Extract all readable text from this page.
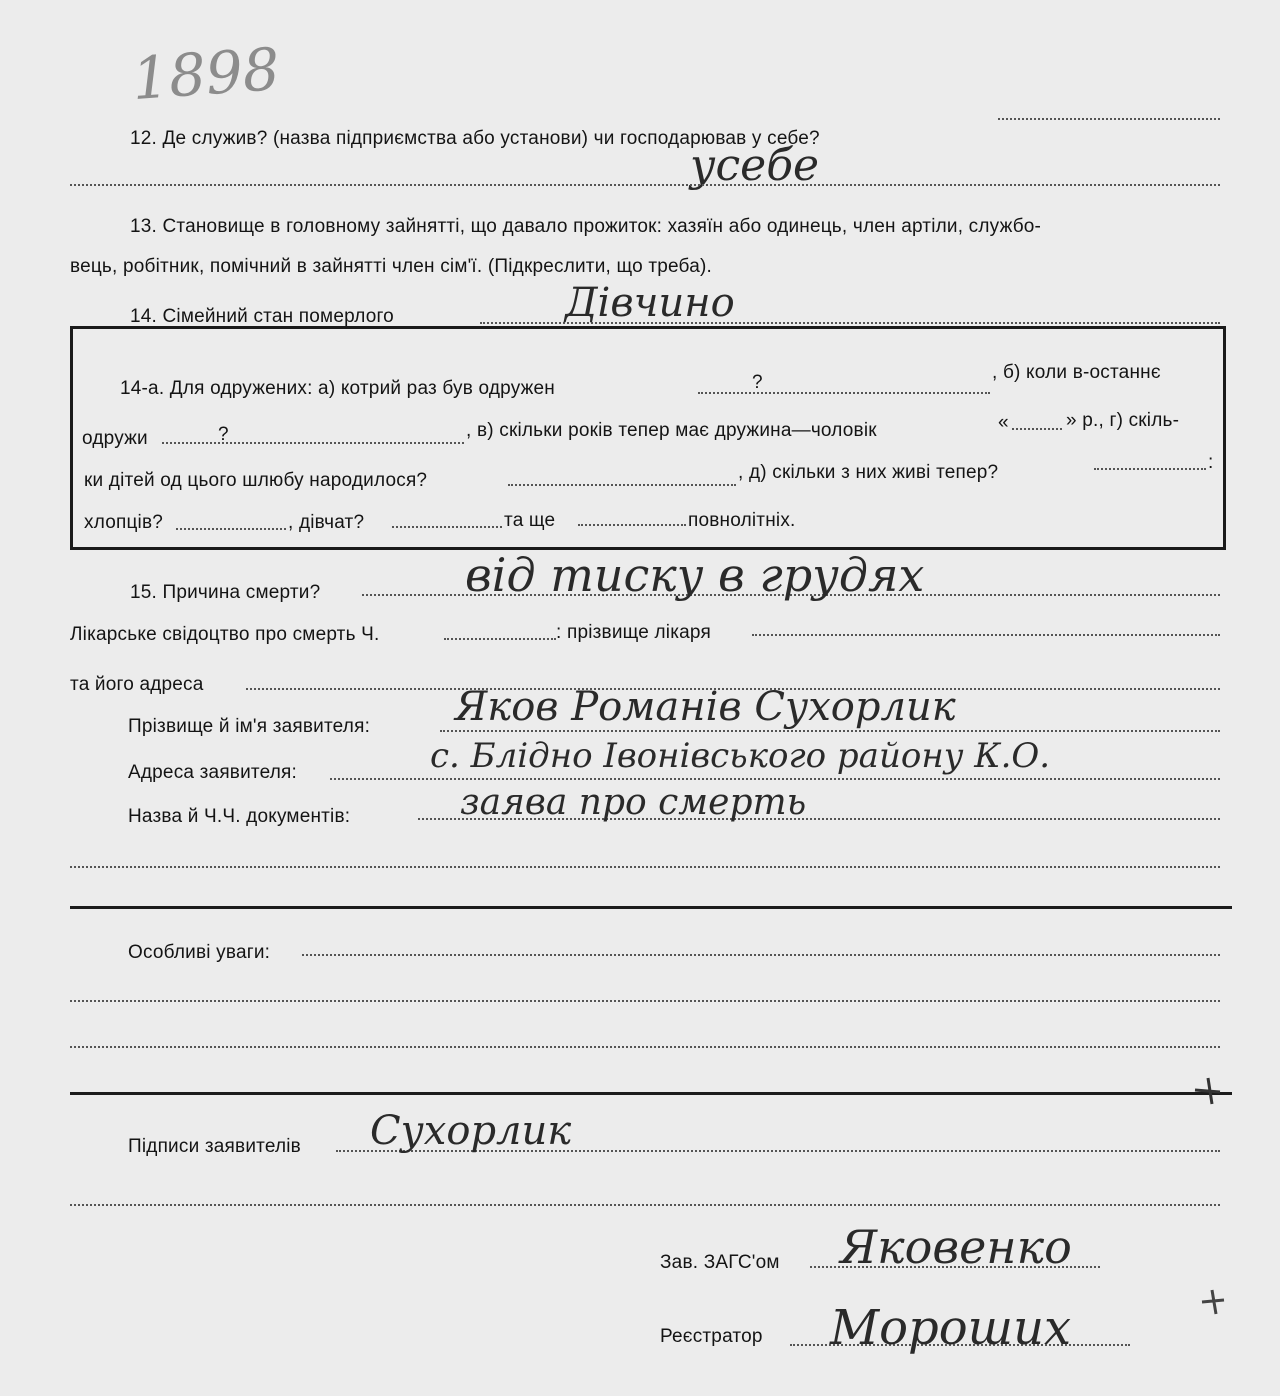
1898
12. Де служив? (назва підприємства або установи) чи господарював у себе?
усебе
13. Становище в головному зайнятті, що давало прожиток: хазяїн або одинець, член артіли, службо-
вець, робітник, помічний в зайнятті член сім'ї. (Підкреслити, що треба).
14. Сімейний стан померлого	Дівчино
14-а. Для одружених: а) котрий раз був одружен	?	, б) коли в-останнє
одружи	?	, в) скільки років тепер має дружина—чоловік	«	» р., г) скіль-
ки дітей од цього шлюбу народилося?	, д) скільки з них живі тепер?	:
хлопців?	, дівчат?	та ще	повнолітніх.
15. Причина смерти?	від тиску в грудях
Лікарське свідоцтво про смерть Ч.	: прізвище лікаря
та його адреса
Прізвище й ім'я заявителя: Яков Романів Сухорлик
Адреса заявителя:	с. Блідно Івонівського району К.О.
Назва й Ч.Ч. документів:	заява про смерть
Особливі уваги:
Підписи заявителів Сухорлик
Зав. ЗАГС'ом Яковенко
Реєстратор Мороших
